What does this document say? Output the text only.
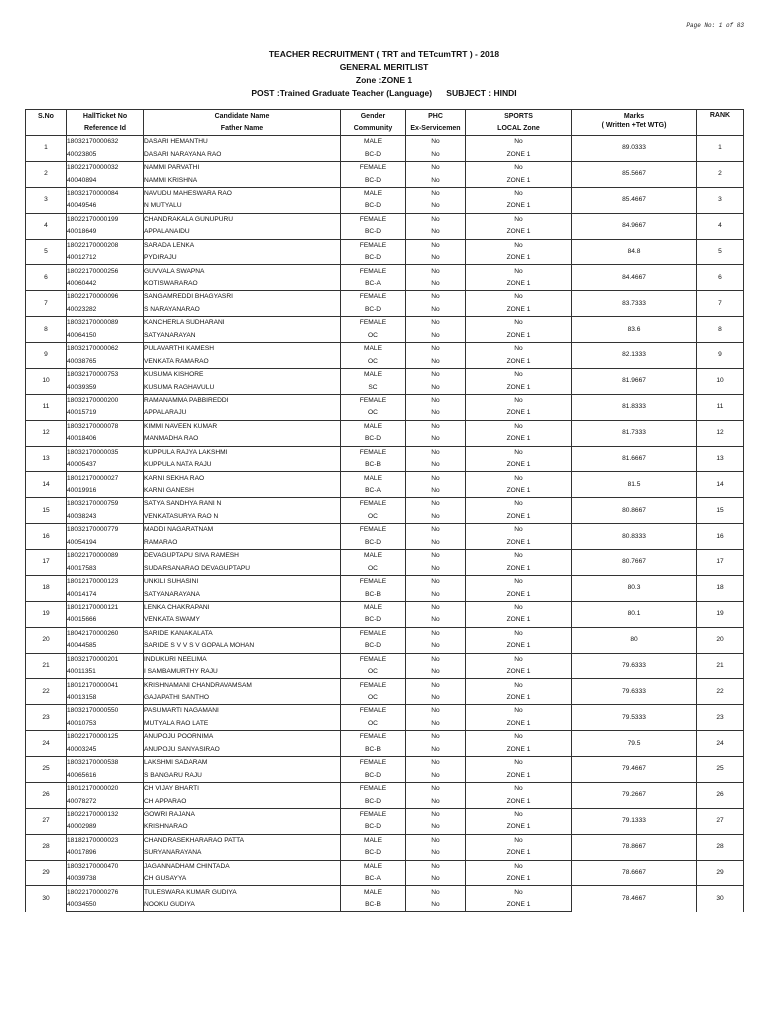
Page No: 1 of 83
TEACHER RECRUITMENT ( TRT and TETcumTRT ) - 2018
GENERAL MERITLIST
Zone :ZONE 1
POST :Trained Graduate Teacher (Language)      SUBJECT : HINDI
S.No	HallTicket No	Candidate Name	Gender	PHC	SPORTS	Marks
( Written +Tet WTG)	RANK
	Reference Id	Father Name	Community	Ex-Servicemen	LOCAL Zone		
1	18032170000632	DASARI HEMANTHU	MALE	No	No	89.0333	1
	40023805	DASARI NARAYANA RAO	BC-D	No	ZONE 1		
2	18022170000032	NAMMI PARVATHI	FEMALE	No	No	85.5667	2
	40040894	NAMMI KRISHNA	BC-D	No	ZONE 1		
3	18032170000084	NAVUDU MAHESWARA RAO	MALE	No	No	85.4667	3
	40049546	N MUTYALU	BC-D	No	ZONE 1		
4	18022170000199	CHANDRAKALA GUNUPURU	FEMALE	No	No	84.9667	4
	40018649	APPALANAIDU	BC-D	No	ZONE 1		
5	18022170000208	SARADA LENKA	FEMALE	No	No	84.8	5
	40012712	PYDIRAJU	BC-D	No	ZONE 1		
6	18022170000256	GUVVALA SWAPNA	FEMALE	No	No	84.4667	6
	40060442	KOTISWARARAO	BC-A	No	ZONE 1		
7	18022170000096	SANGAMREDDI BHAGYASRI	FEMALE	No	No	83.7333	7
	40023282	S NARAYANARAO	BC-D	No	ZONE 1		
8	18032170000089	KANCHERLA SUDHARANI	FEMALE	No	No	83.6	8
	40064150	SATYANARAYAN	OC	No	ZONE 1		
9	18032170000062	PULAVARTHI KAMESH	MALE	No	No	82.1333	9
	40038765	VENKATA RAMARAO	OC	No	ZONE 1		
10	18032170000753	KUSUMA KISHORE	MALE	No	No	81.9667	10
	40039359	KUSUMA RAGHAVULU	SC	No	ZONE 1		
11	18032170000200	RAMANAMMA PABBIREDDI	FEMALE	No	No	81.8333	11
	40015719	APPALARAJU	OC	No	ZONE 1		
12	18032170000078	KIMMI NAVEEN KUMAR	MALE	No	No	81.7333	12
	40018406	MANMADHA RAO	BC-D	No	ZONE 1		
13	18032170000035	KUPPULA RAJYA LAKSHMI	FEMALE	No	No	81.6667	13
	40005437	KUPPULA NATA RAJU	BC-B	No	ZONE 1		
14	18012170000027	KARNI SEKHA RAO	MALE	No	No	81.5	14
	40019916	KARNI GANESH	BC-A	No	ZONE 1		
15	18032170000759	SATYA SANDHYA RANI N	FEMALE	No	No	80.8667	15
	40038243	VENKATASURYA RAO N	OC	No	ZONE 1		
16	18032170000779	MADDI NAGARATNAM	FEMALE	No	No	80.8333	16
	40054194	RAMARAO	BC-D	No	ZONE 1		
17	18022170000089	DEVAGUPTAPU SIVA RAMESH	MALE	No	No	80.7667	17
	40017583	SUDARSANARAO DEVAGUPTAPU	OC	No	ZONE 1		
18	18012170000123	UNKILI SUHASINI	FEMALE	No	No	80.3	18
	40014174	SATYANARAYANA	BC-B	No	ZONE 1		
19	18012170000121	LENKA CHAKRAPANI	MALE	No	No	80.1	19
	40015666	VENKATA SWAMY	BC-D	No	ZONE 1		
20	18042170000260	SARIDE KANAKALATA	FEMALE	No	No	80	20
	40044585	SARIDE S V V S V GOPALA MOHAN	BC-D	No	ZONE 1		
21	18032170000201	INDUKURI NEELIMA	FEMALE	No	No	79.6333	21
	40011351	I SAMBAMURTHY RAJU	OC	No	ZONE 1		
22	18012170000041	KRISHNAMANI CHANDRAVAMSAM	FEMALE	No	No	79.6333	22
	40013158	GAJAPATHI SANTHO	OC	No	ZONE 1		
23	18032170000550	PASUMARTI NAGAMANI	FEMALE	No	No	79.5333	23
	40010753	MUTYALA RAO LATE	OC	No	ZONE 1		
24	18022170000125	ANUPOJU POORNIMA	FEMALE	No	No	79.5	24
	40003245	ANUPOJU SANYASIRAO	BC-B	No	ZONE 1		
25	18032170000538	LAKSHMI SADARAM	FEMALE	No	No	79.4667	25
	40065616	S BANGARU RAJU	BC-D	No	ZONE 1		
26	18012170000020	CH VIJAY BHARTI	FEMALE	No	No	79.2667	26
	40078272	CH APPARAO	BC-D	No	ZONE 1		
27	18022170000132	GOWRI RAJANA	FEMALE	No	No	79.1333	27
	40002989	KRISHNARAO	BC-D	No	ZONE 1		
28	18182170000023	CHANDRASEKHARARAO PATTA	MALE	No	No	78.8667	28
	40017896	SURYANARAYANA	BC-D	No	ZONE 1		
29	18032170000470	JAGANNADHAM CHINTADA	MALE	No	No	78.6667	29
	40039738	CH GUSAYYA	BC-A	No	ZONE 1		
30	18022170000276	TULESWARA KUMAR GUDIYA	MALE	No	No	78.4667	30
	40034550	NOOKU GUDIYA	BC-B	No	ZONE 1		
